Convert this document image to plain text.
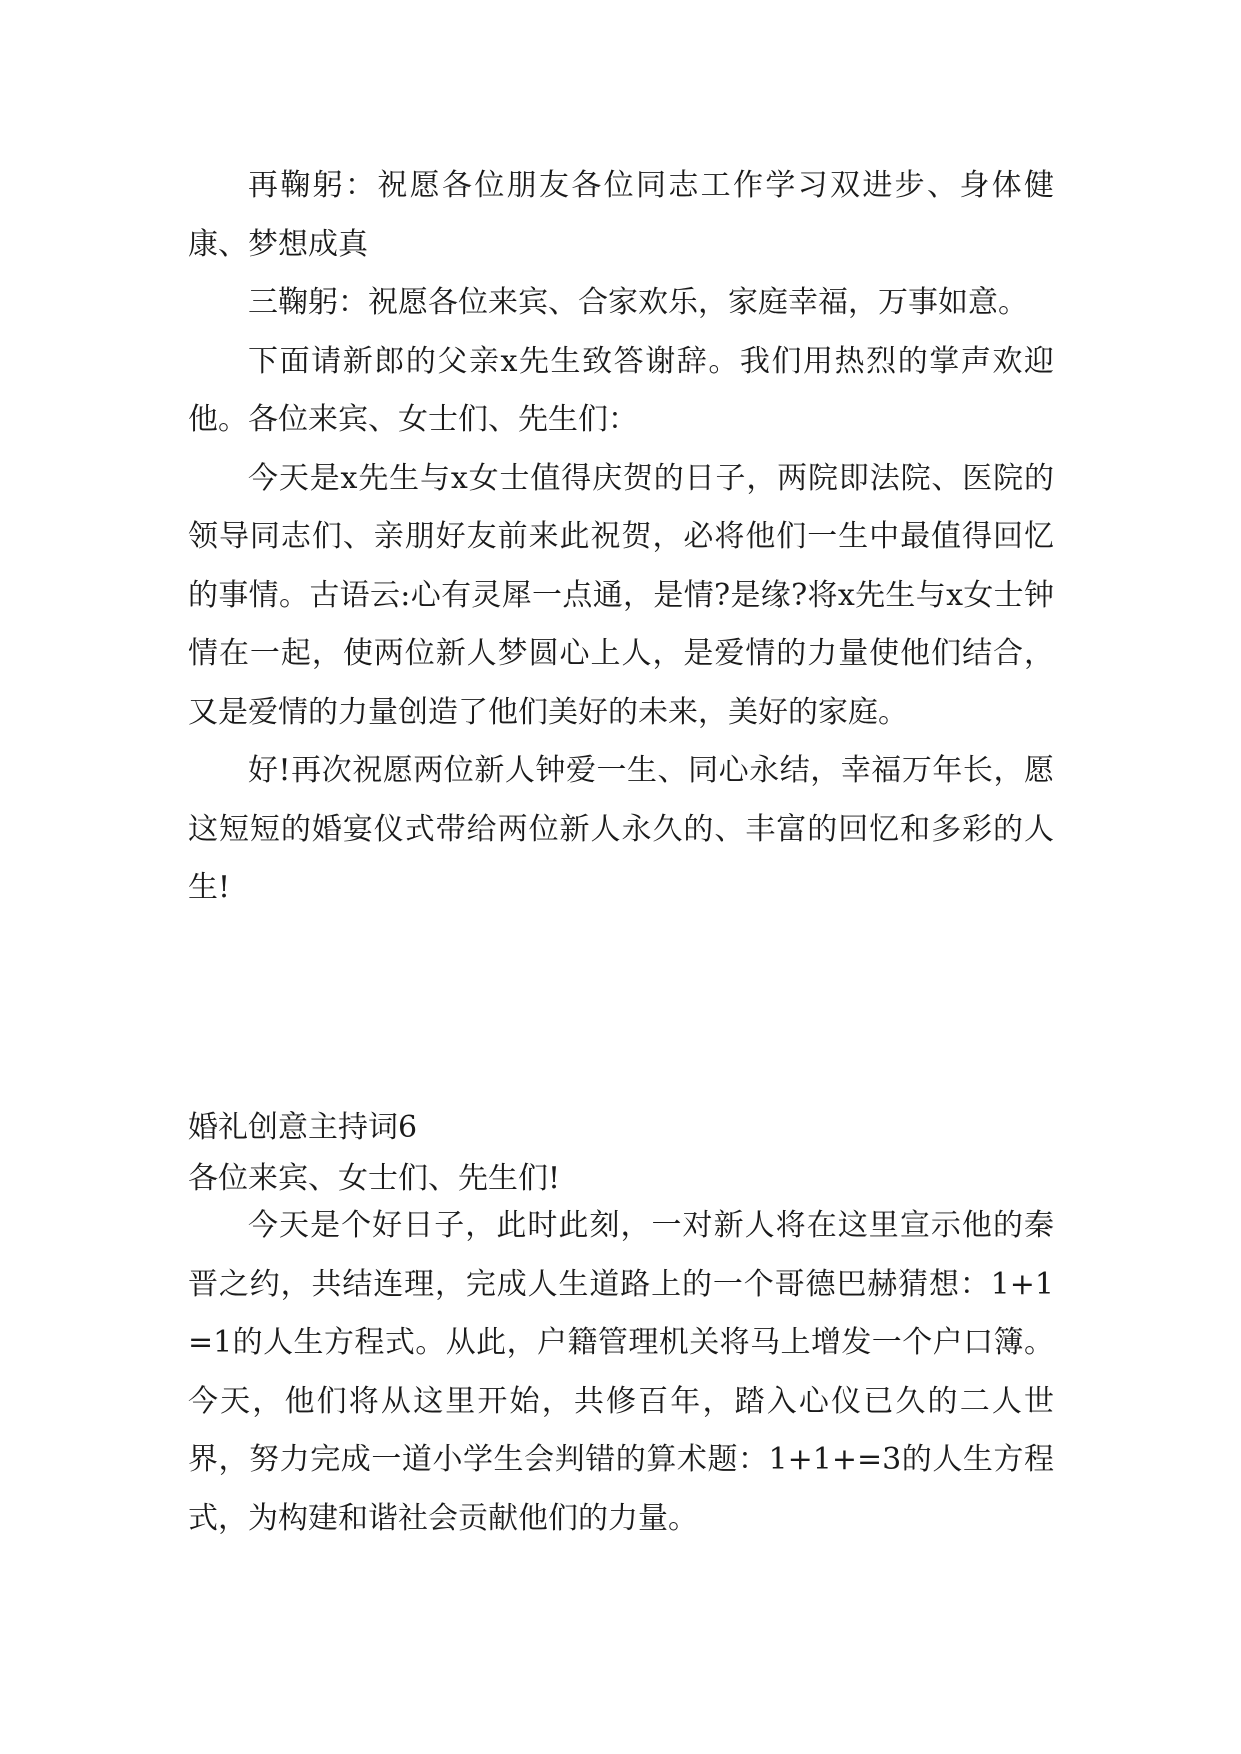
再鞠躬：祝愿各位朋友各位同志工作学习双进步、身体健康、梦想成真

三鞠躬：祝愿各位来宾、合家欢乐，家庭幸福，万事如意。

下面请新郎的父亲x先生致答谢辞。我们用热烈的掌声欢迎他。各位来宾、女士们、先生们：

今天是x先生与x女士值得庆贺的日子，两院即法院、医院的领导同志们、亲朋好友前来此祝贺，必将他们一生中最值得回忆的事情。古语云:心有灵犀一点通，是情?是缘?将x先生与x女士钟情在一起，使两位新人梦圆心上人，是爱情的力量使他们结合，又是爱情的力量创造了他们美好的未来，美好的家庭。

好!再次祝愿两位新人钟爱一生、同心永结，幸福万年长，愿这短短的婚宴仪式带给两位新人永久的、丰富的回忆和多彩的人生!

婚礼创意主持词6

各位来宾、女士们、先生们!

今天是个好日子，此时此刻，一对新人将在这里宣示他的秦晋之约，共结连理，完成人生道路上的一个哥德巴赫猜想：1+1=1的人生方程式。从此，户籍管理机关将马上增发一个户口簿。今天，他们将从这里开始，共修百年，踏入心仪已久的二人世界，努力完成一道小学生会判错的算术题：1+1+=3的人生方程式，为构建和谐社会贡献他们的力量。
